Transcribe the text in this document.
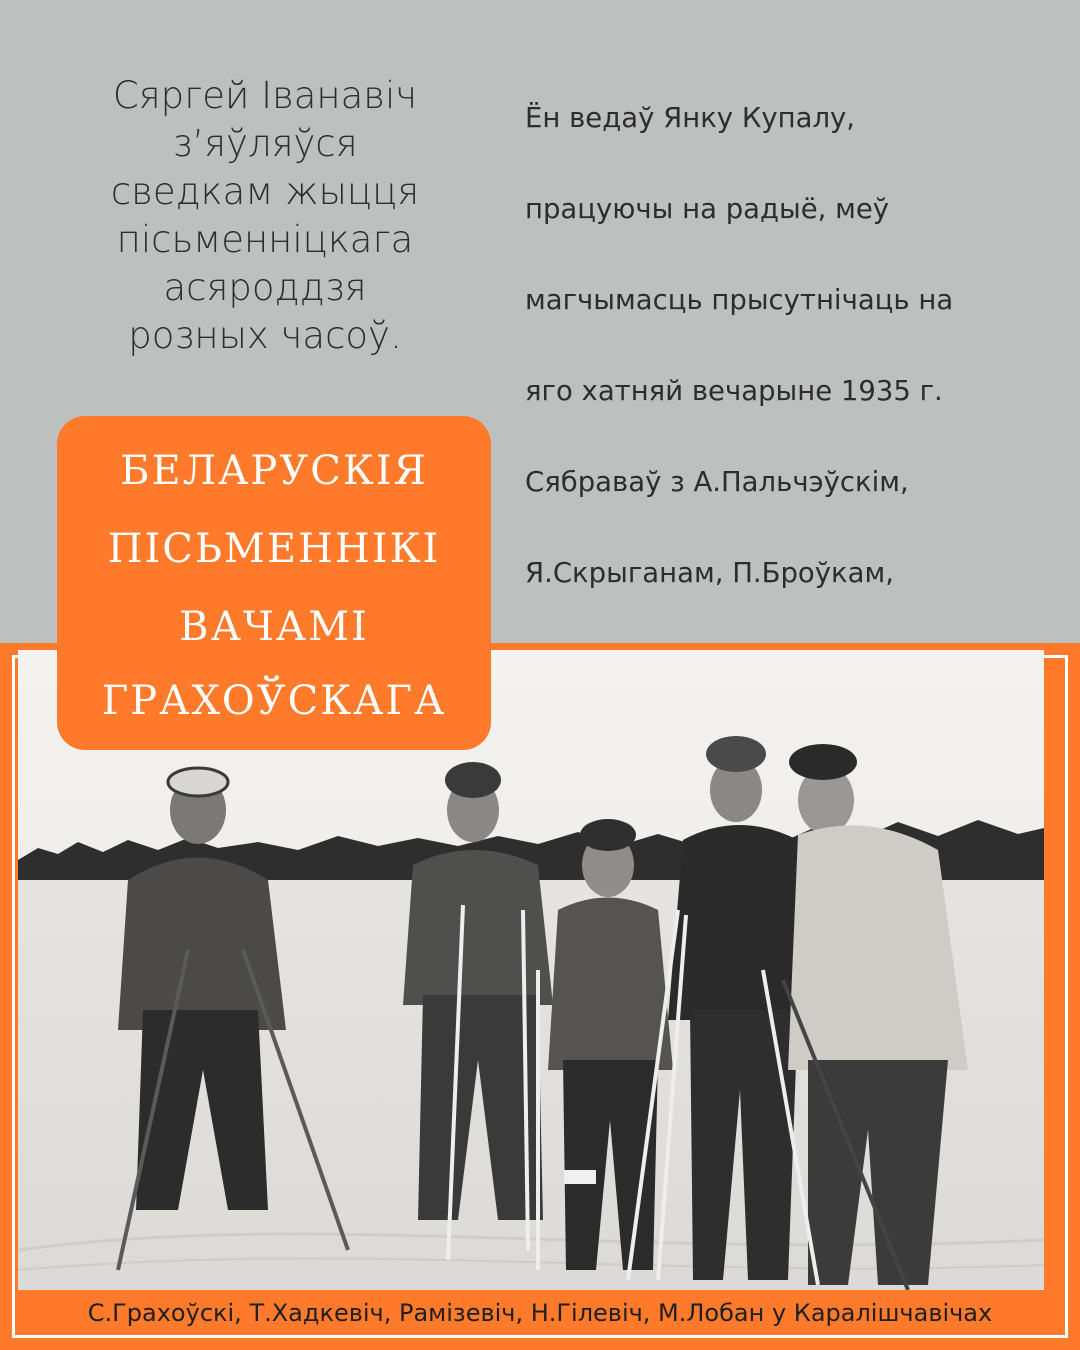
Сяргей Іванавіч
з’яўляўся
сведкам жыцця
пісьменніцкага
асяроддзя
розных часоў.

Ён ведаў Янку Купалу,

працуючы на радыё, меў

магчымасць прысутнічаць на

яго хатняй вечарыне 1935 г.

Сябраваў з А.Пальчэўскім,

Я.Скрыганам, П.Броўкам,

С.Грахоўскі, Т.Хадкевіч, Рамізевіч, Н.Гілевіч, М.Лобан у Каралішчавічах
БЕЛАРУСКІЯ
ПІСЬМЕННІКІ
ВАЧАМІ
ГРАХОЎСКАГА
